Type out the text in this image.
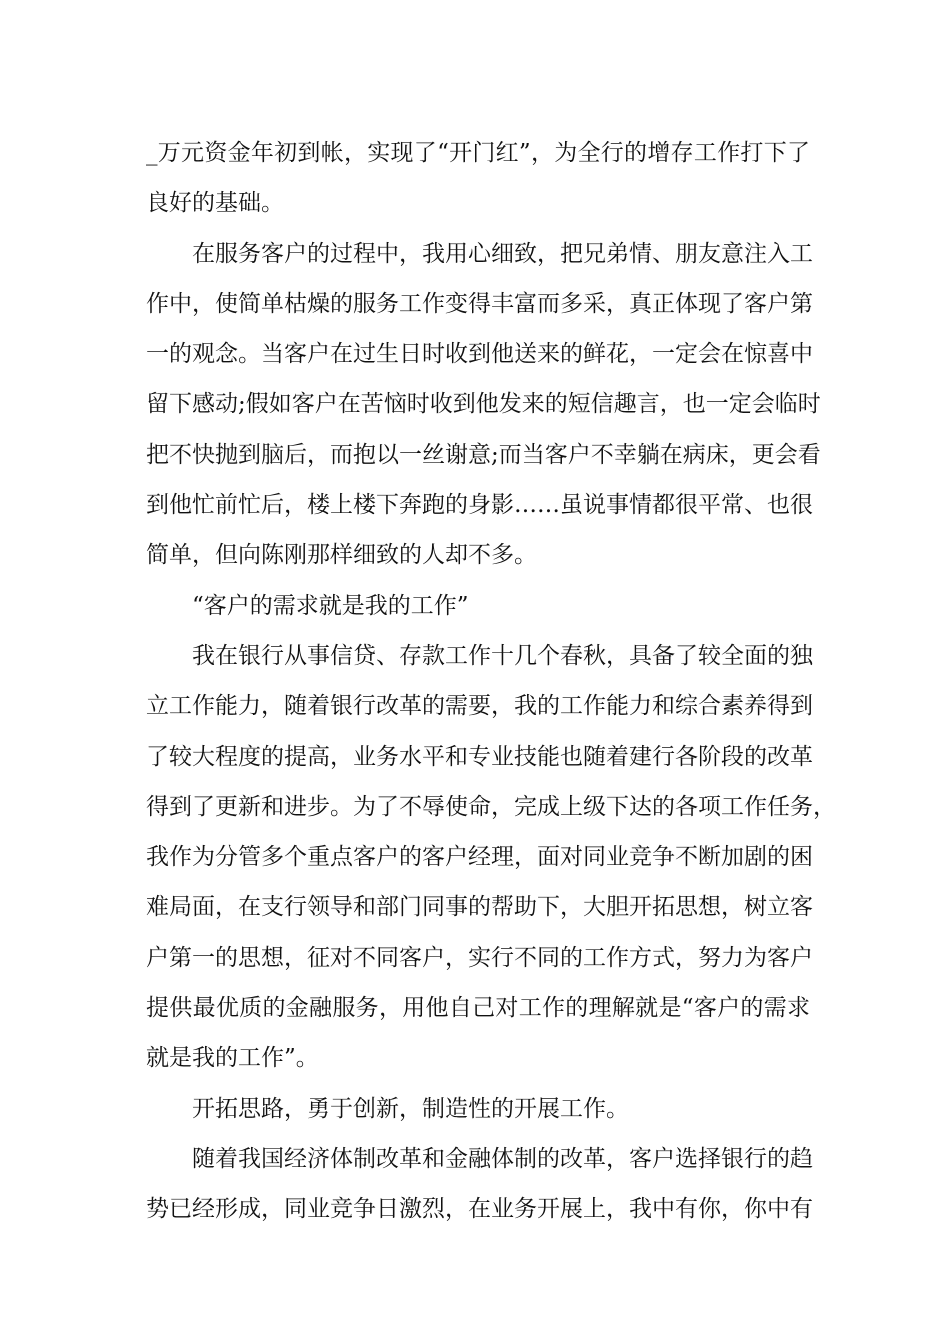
_万元资金年初到帐，实现了“开门红”，为全行的增存工作打下了
良好的基础。
在服务客户的过程中，我用心细致，把兄弟情、朋友意注入工
作中，使简单枯燥的服务工作变得丰富而多采，真正体现了客户第
一的观念。当客户在过生日时收到他送来的鲜花，一定会在惊喜中
留下感动;假如客户在苦恼时收到他发来的短信趣言，也一定会临时
把不快抛到脑后，而抱以一丝谢意;而当客户不幸躺在病床，更会看
到他忙前忙后，楼上楼下奔跑的身影……虽说事情都很平常、也很
简单，但向陈刚那样细致的人却不多。
“客户的需求就是我的工作”
我在银行从事信贷、存款工作十几个春秋，具备了较全面的独
立工作能力，随着银行改革的需要，我的工作能力和综合素养得到
了较大程度的提高，业务水平和专业技能也随着建行各阶段的改革
得到了更新和进步。为了不辱使命，完成上级下达的各项工作任务，
我作为分管多个重点客户的客户经理，面对同业竞争不断加剧的困
难局面，在支行领导和部门同事的帮助下，大胆开拓思想，树立客
户第一的思想，征对不同客户，实行不同的工作方式，努力为客户
提供最优质的金融服务，用他自己对工作的理解就是“客户的需求
就是我的工作”。
开拓思路，勇于创新，制造性的开展工作。
随着我国经济体制改革和金融体制的改革，客户选择银行的趋
势已经形成，同业竞争日激烈，在业务开展上，我中有你，你中有
